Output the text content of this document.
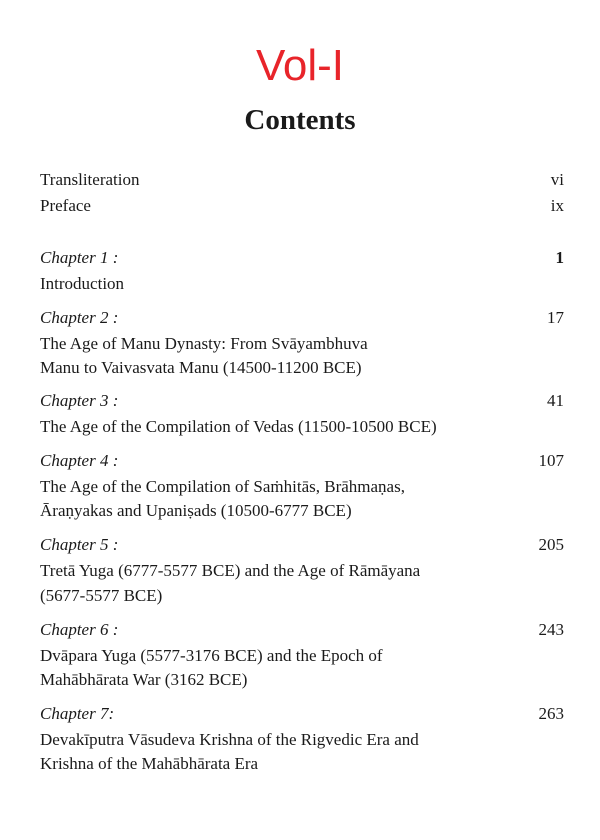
Vol-I
Contents
Transliteration	vi
Preface	ix
Chapter 1 :	1
Introduction
Chapter 2 :	17
The Age of Manu Dynasty: From Svāyambhuva
Manu to Vaivasvata Manu (14500-11200 BCE)
Chapter 3 :	41
The Age of the Compilation of Vedas (11500-10500 BCE)
Chapter 4 :	107
The Age of the Compilation of Saṁhitās, Brāhmaṇas,
Āraṇyakas and Upaniṣads (10500-6777 BCE)
Chapter 5 :	205
Tretā Yuga (6777-5577 BCE) and the Age of Rāmāyana
(5677-5577 BCE)
Chapter 6 :	243
Dvāpara Yuga (5577-3176 BCE) and the Epoch of
Mahābhārata War (3162 BCE)
Chapter 7:	263
Devakīputra Vāsudeva Krishna of the Rigvedic Era and
Krishna of the Mahābhārata Era
